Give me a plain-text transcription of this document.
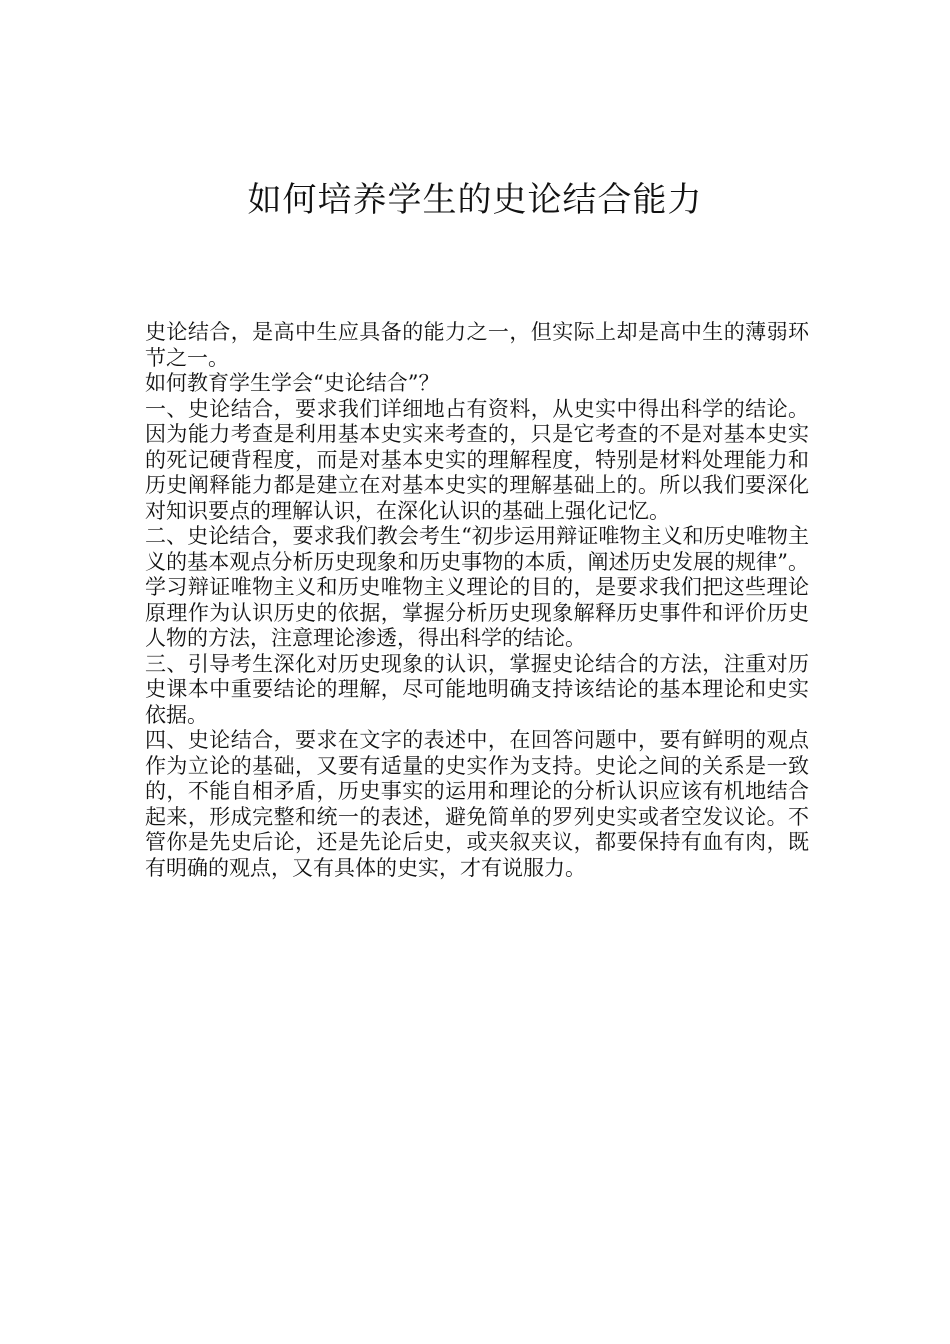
如何培养学生的史论结合能力

史论结合，是高中生应具备的能力之一，但实际上却是高中生的薄弱环节之一。

如何教育学生学会“史论结合”？

一、史论结合，要求我们详细地占有资料，从史实中得出科学的结论。因为能力考查是利用基本史实来考查的，只是它考查的不是对基本史实的死记硬背程度，而是对基本史实的理解程度，特别是材料处理能力和历史阐释能力都是建立在对基本史实的理解基础上的。所以我们要深化对知识要点的理解认识，在深化认识的基础上强化记忆。

二、史论结合，要求我们教会考生“初步运用辩证唯物主义和历史唯物主义的基本观点分析历史现象和历史事物的本质，阐述历史发展的规律”。学习辩证唯物主义和历史唯物主义理论的目的，是要求我们把这些理论原理作为认识历史的依据，掌握分析历史现象解释历史事件和评价历史人物的方法，注意理论渗透，得出科学的结论。

三、引导考生深化对历史现象的认识，掌握史论结合的方法，注重对历史课本中重要结论的理解，尽可能地明确支持该结论的基本理论和史实依据。

四、史论结合，要求在文字的表述中，在回答问题中，要有鲜明的观点作为立论的基础，又要有适量的史实作为支持。史论之间的关系是一致的，不能自相矛盾，历史事实的运用和理论的分析认识应该有机地结合起来，形成完整和统一的表述，避免简单的罗列史实或者空发议论。不管你是先史后论，还是先论后史，或夹叙夹议，都要保持有血有肉，既有明确的观点，又有具体的史实，才有说服力。
